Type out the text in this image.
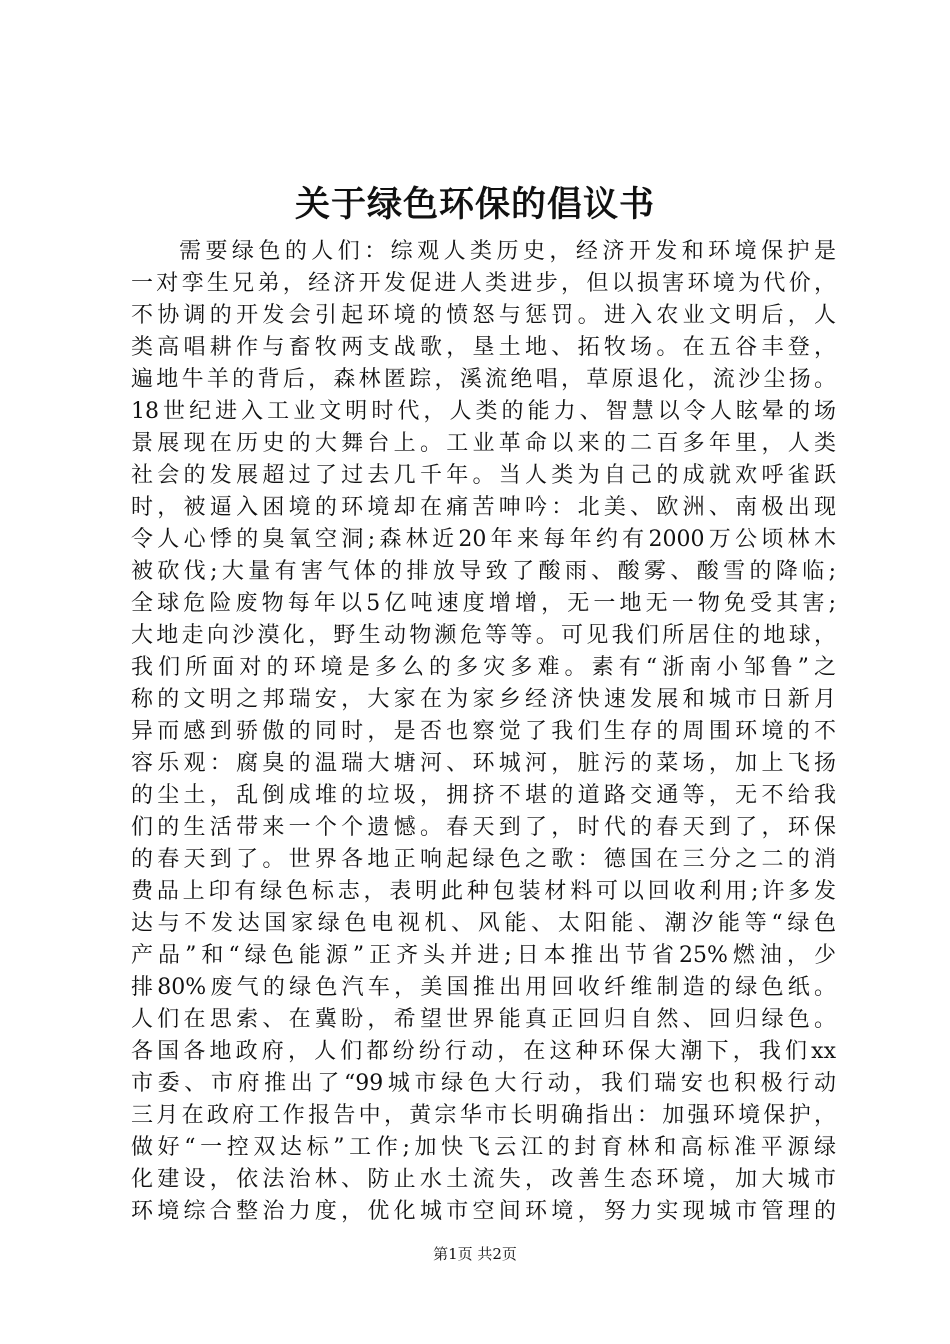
关于绿色环保的倡议书
需要绿色的人们：综观人类历史，经济开发和环境保护是
一对孪生兄弟，经济开发促进人类进步，但以损害环境为代价，
不协调的开发会引起环境的愤怒与惩罚。进入农业文明后，人
类高唱耕作与畜牧两支战歌，垦土地、拓牧场。在五谷丰登，
遍地牛羊的背后，森林匿踪，溪流绝唱，草原退化，流沙尘扬。
18世纪进入工业文明时代，人类的能力、智慧以令人眩晕的场
景展现在历史的大舞台上。工业革命以来的二百多年里，人类
社会的发展超过了过去几千年。当人类为自己的成就欢呼雀跃
时，被逼入困境的环境却在痛苦呻吟：北美、欧洲、南极出现
令人心悸的臭氧空洞;森林近20年来每年约有2000万公顷林木
被砍伐;大量有害气体的排放导致了酸雨、酸雾、酸雪的降临;
全球危险废物每年以5亿吨速度增增，无一地无一物免受其害;
大地走向沙漠化，野生动物濒危等等。可见我们所居住的地球，
我们所面对的环境是多么的多灾多难。素有“浙南小邹鲁”之
称的文明之邦瑞安，大家在为家乡经济快速发展和城市日新月
异而感到骄傲的同时，是否也察觉了我们生存的周围环境的不
容乐观：腐臭的温瑞大塘河、环城河，脏污的菜场，加上飞扬
的尘土，乱倒成堆的垃圾，拥挤不堪的道路交通等，无不给我
们的生活带来一个个遗憾。春天到了，时代的春天到了，环保
的春天到了。世界各地正响起绿色之歌：德国在三分之二的消
费品上印有绿色标志，表明此种包装材料可以回收利用;许多发
达与不发达国家绿色电视机、风能、太阳能、潮汐能等“绿色
产品”和“绿色能源”正齐头并进;日本推出节省25%燃油，少
排80%废气的绿色汽车，美国推出用回收纤维制造的绿色纸。
人们在思索、在冀盼，希望世界能真正回归自然、回归绿色。
各国各地政府，人们都纷纷行动，在这种环保大潮下，我们xx
市委、市府推出了“99城市绿色大行动，我们瑞安也积极行动
三月在政府工作报告中，黄宗华市长明确指出：加强环境保护，
做好“一控双达标”工作;加快飞云江的封育林和高标准平源绿
化建设，依法治林、防止水土流失，改善生态环境，加大城市
环境综合整治力度，优化城市空间环境，努力实现城市管理的
第1页 共2页
